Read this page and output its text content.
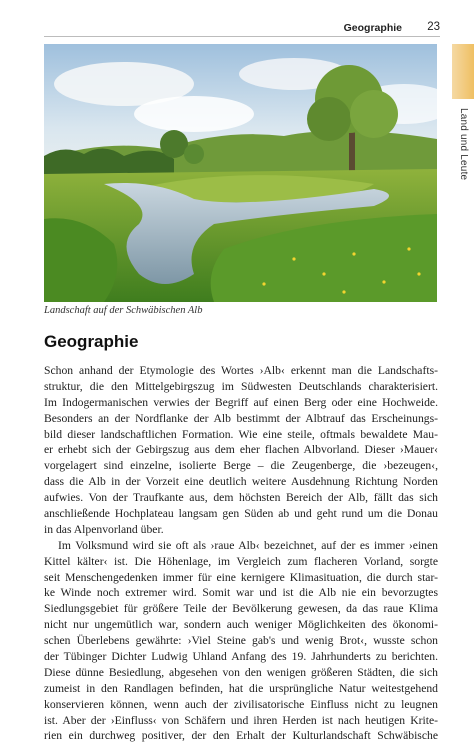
Geographie 23
Land und Leute
Landschaft auf der Schwäbischen Alb
Geographie
Schon anhand der Etymologie des Wortes ›Alb‹ erkennt man die Landschafts-
struktur, die den Mittelgebirgszug im Südwesten Deutschlands charakterisiert.
Im Indogermanischen verwies der Begriff auf einen Berg oder eine Hochweide.
Besonders an der Nordflanke der Alb bestimmt der Albtrauf das Erscheinungs-
bild dieser landschaftlichen Formation. Wie eine steile, oftmals bewaldete Mau-
er erhebt sich der Gebirgszug aus dem eher flachen Albvorland. Dieser ›Mauer‹
vorgelagert sind einzelne, isolierte Berge – die Zeugenberge, die ›bezeugen‹,
dass die Alb in der Vorzeit eine deutlich weitere Ausdehnung Richtung Norden
aufwies. Von der Traufkante aus, dem höchsten Bereich der Alb, fällt das sich
anschließende Hochplateau langsam gen Süden ab und geht rund um die Donau
in das Alpenvorland über.
Im Volksmund wird sie oft als ›raue Alb‹ bezeichnet, auf der es immer ›einen
Kittel kälter‹ ist. Die Höhenlage, im Vergleich zum flacheren Vorland, sorgte
seit Menschengedenken immer für eine kernigere Klimasituation, die durch star-
ke Winde noch extremer wird. Somit war und ist die Alb nie ein bevorzugtes
Siedlungsgebiet für größere Teile der Bevölkerung gewesen, da das raue Klima
nicht nur ungemütlich war, sondern auch weniger Möglichkeiten des ökonomi-
schen Überlebens gewährte: ›Viel Steine gab's und wenig Brot‹, wusste schon
der Tübinger Dichter Ludwig Uhland Anfang des 19. Jahrhunderts zu berichten.
Diese dünne Besiedlung, abgesehen von den wenigen größeren Städten, die sich
zumeist in den Randlagen befinden, hat die ursprüngliche Natur weitestgehend
konservieren können, wenn auch der zivilisatorische Einfluss nicht zu leugnen
ist. Aber der ›Einfluss‹ von Schäfern und ihren Herden ist nach heutigen Krite-
rien ein durchweg positiver, der den Erhalt der Kulturlandschaft Schwäbische
